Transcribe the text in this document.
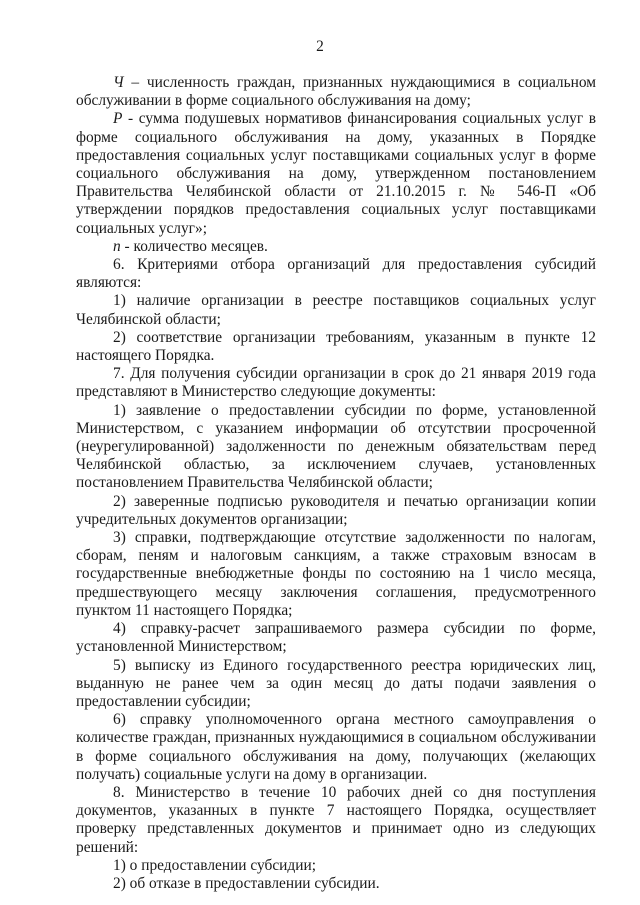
2

Ч – численность граждан, признанных нуждающимися в социальном обслуживании в форме социального обслуживания на дому;

Р - сумма подушевых нормативов финансирования социальных услуг в форме социального обслуживания на дому, указанных в Порядке предоставления социальных услуг поставщиками социальных услуг в форме социального обслуживания на дому, утвержденном постановлением Правительства Челябинской области от 21.10.2015 г. № 546-П «Об утверждении порядков предоставления социальных услуг поставщиками социальных услуг»;

n - количество месяцев.

6. Критериями отбора организаций для предоставления субсидий являются:

1) наличие организации в реестре поставщиков социальных услуг Челябинской области;

2) соответствие организации требованиям, указанным в пункте 12 настоящего Порядка.

7. Для получения субсидии организации в срок до 21 января 2019 года представляют в Министерство следующие документы:

1) заявление о предоставлении субсидии по форме, установленной Министерством, с указанием информации об отсутствии просроченной (неурегулированной) задолженности по денежным обязательствам перед Челябинской областью, за исключением случаев, установленных постановлением Правительства Челябинской области;

2) заверенные подписью руководителя и печатью организации копии учредительных документов организации;

3) справки, подтверждающие отсутствие задолженности по налогам, сборам, пеням и налоговым санкциям, а также страховым взносам в государственные внебюджетные фонды по состоянию на 1 число месяца, предшествующего месяцу заключения соглашения, предусмотренного пунктом 11 настоящего Порядка;

4) справку-расчет запрашиваемого размера субсидии по форме, установленной Министерством;

5) выписку из Единого государственного реестра юридических лиц, выданную не ранее чем за один месяц до даты подачи заявления о предоставлении субсидии;

6) справку уполномоченного органа местного самоуправления о количестве граждан, признанных нуждающимися в социальном обслуживании в форме социального обслуживания на дому, получающих (желающих получать) социальные услуги на дому в организации.

8. Министерство в течение 10 рабочих дней со дня поступления документов, указанных в пункте 7 настоящего Порядка, осуществляет проверку представленных документов и принимает одно из следующих решений:

1) о предоставлении субсидии;

2) об отказе в предоставлении субсидии.
